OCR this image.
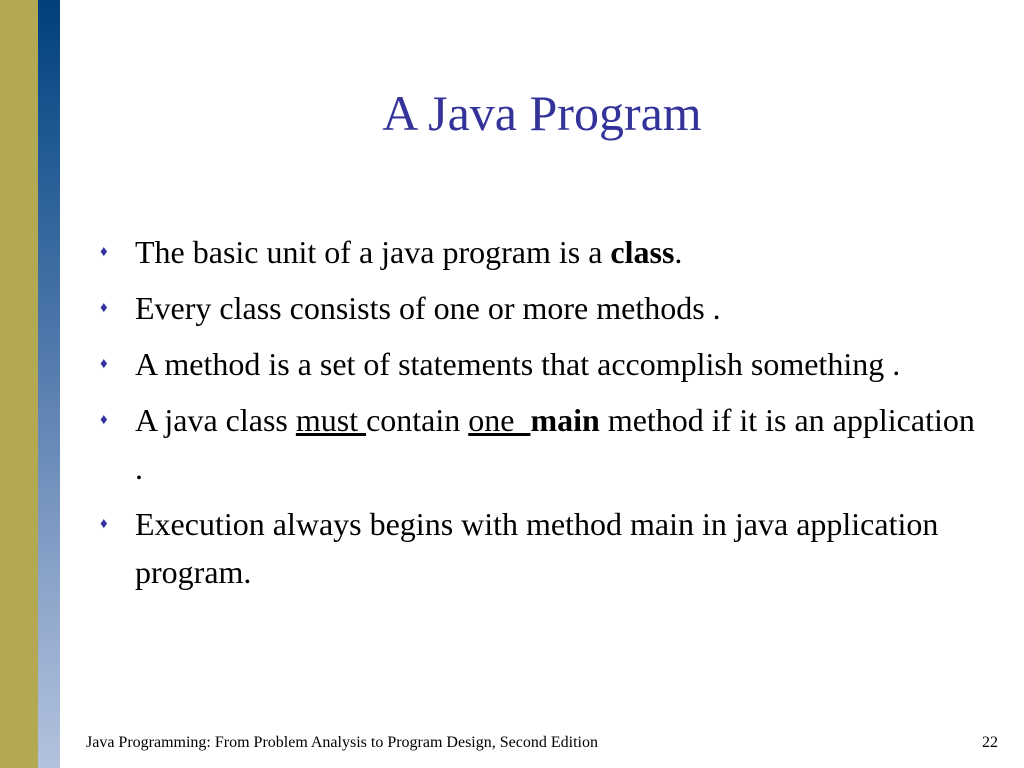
A Java Program
♦ The basic unit of a java program is a class.
♦ Every class consists of one or more methods .
♦ A method is a set of statements that accomplish something .
♦ A java class must contain one  main method if it is an application .
♦ Execution always begins with method main in java application program.
Java Programming: From Problem Analysis to Program Design, Second Edition	22
